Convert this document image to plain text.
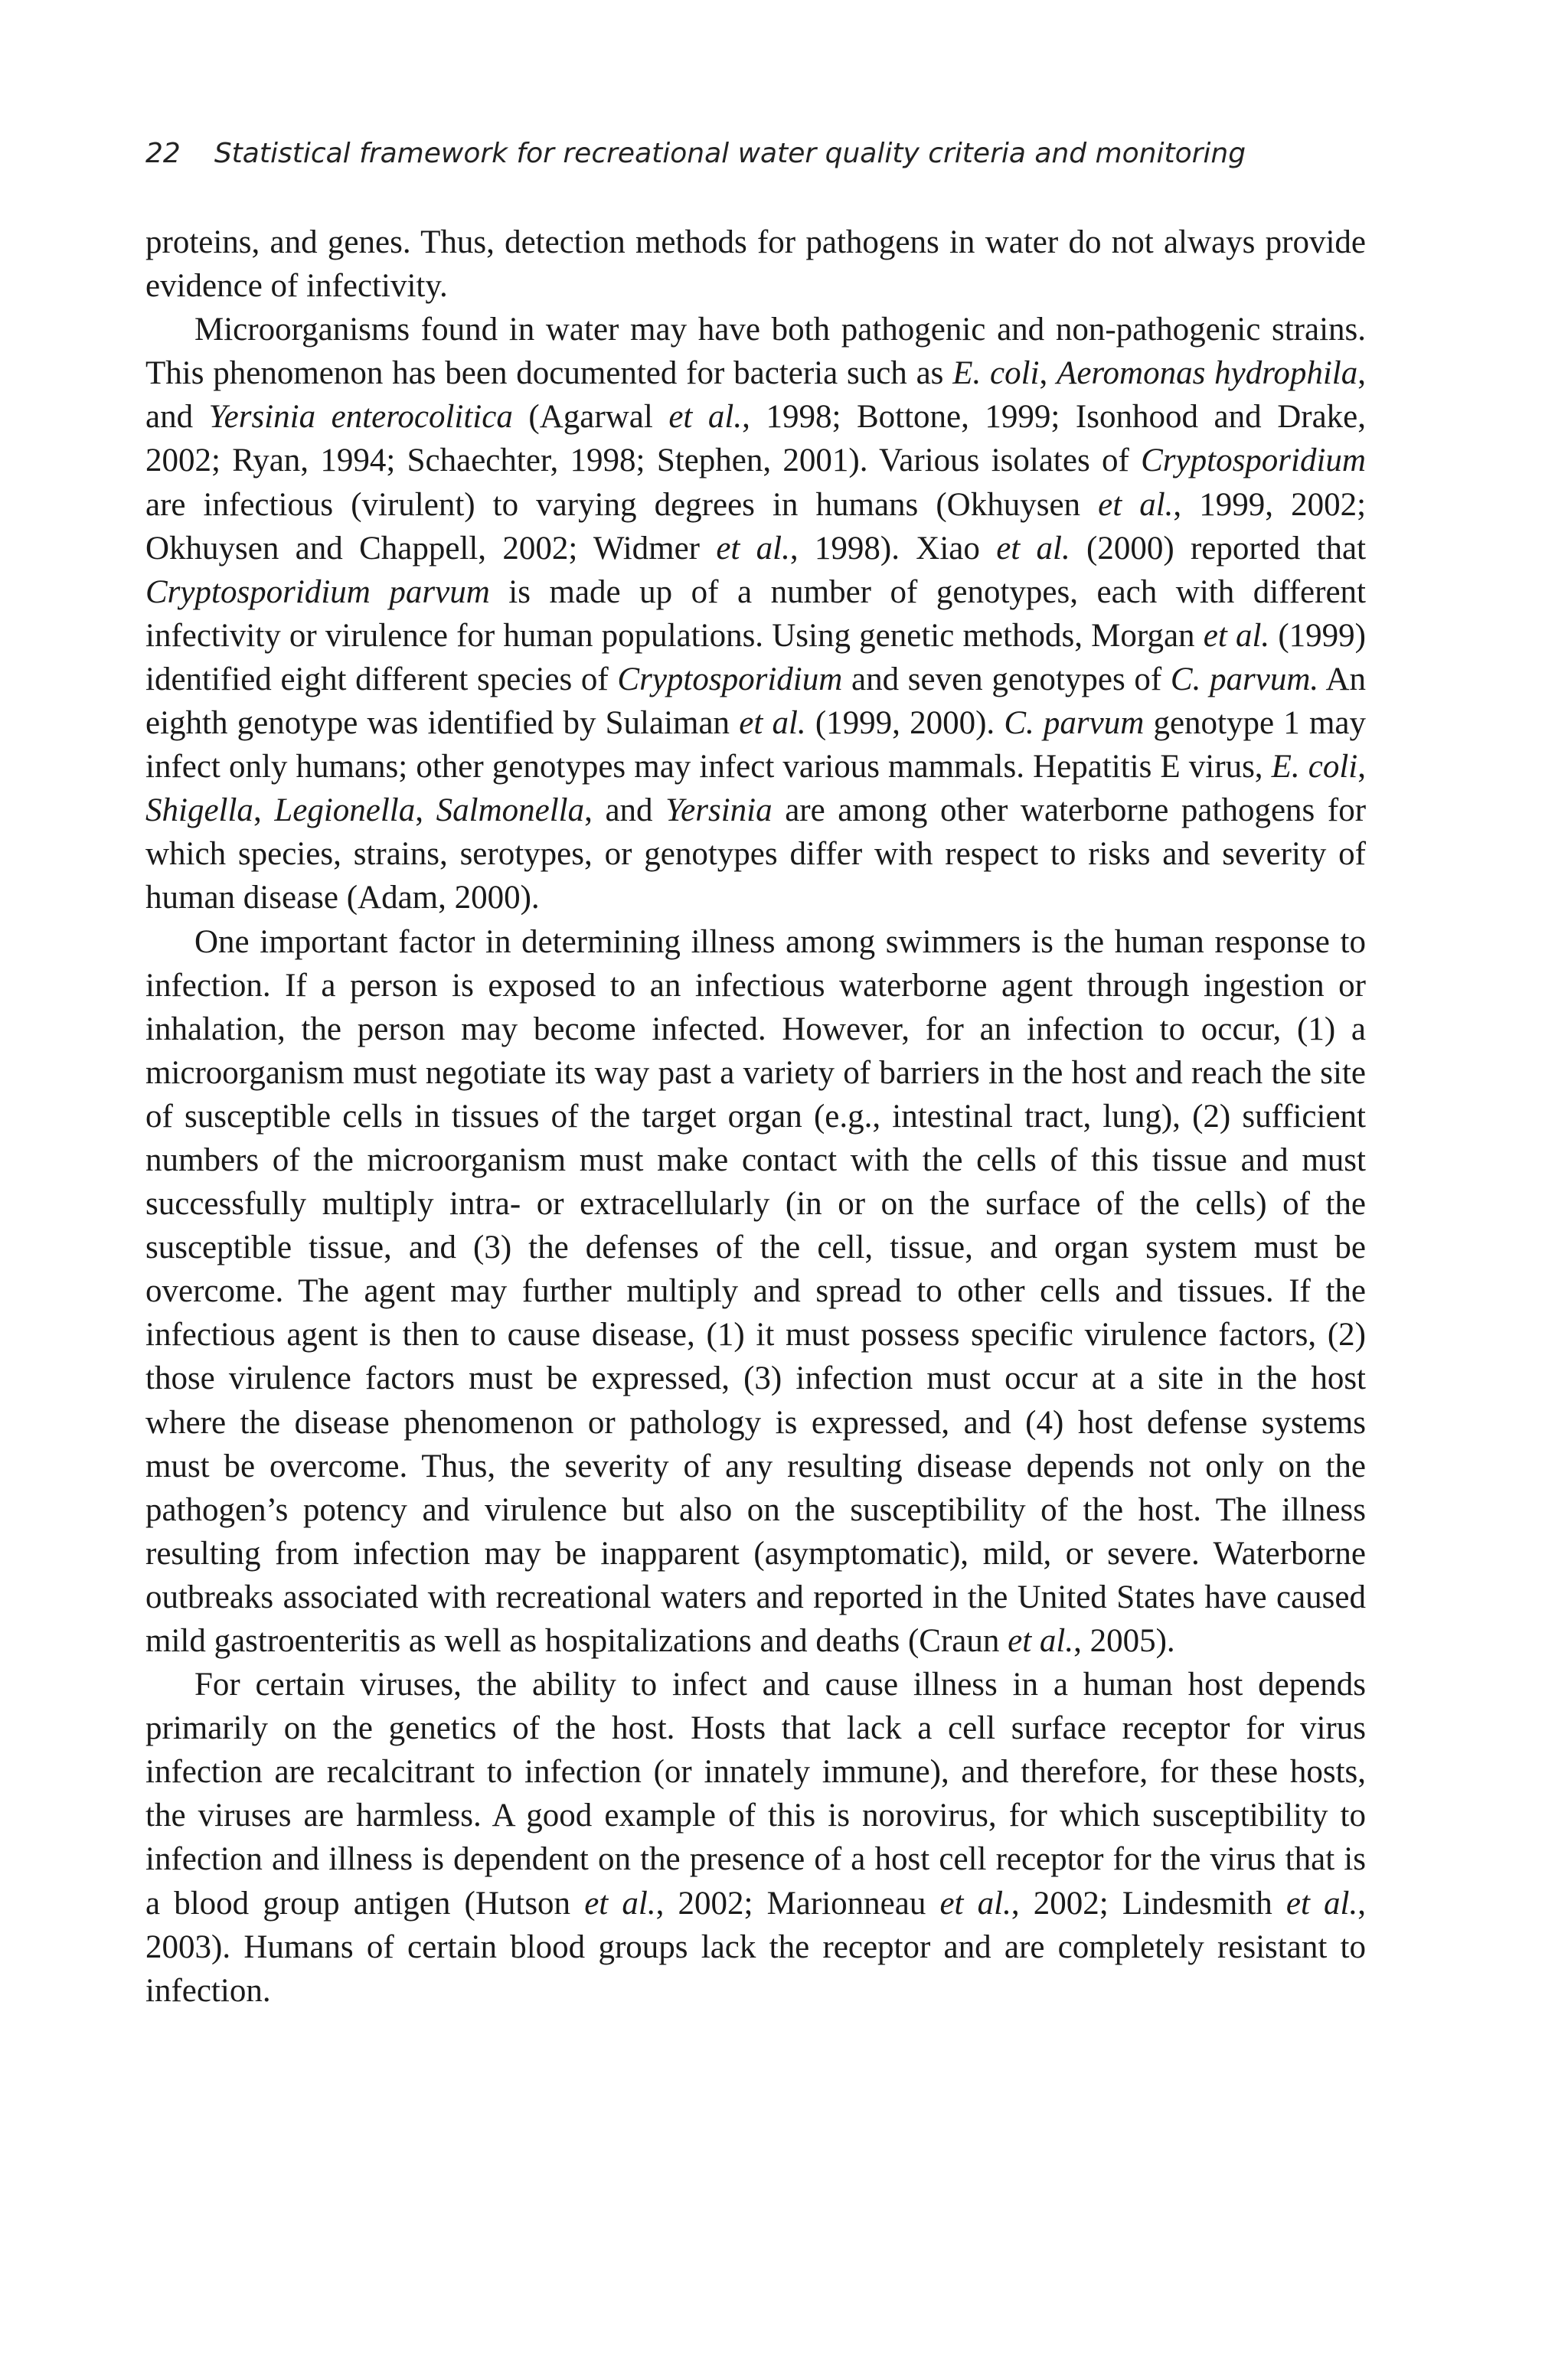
22 Statistical framework for recreational water quality criteria and monitoring

proteins, and genes. Thus, detection methods for pathogens in water do not always provide evidence of infectivity.

Microorganisms found in water may have both pathogenic and non-pathogenic strains. This phenomenon has been documented for bacteria such as E. coli, Aeromonas hydrophila, and Yersinia enterocolitica (Agarwal et al., 1998; Bottone, 1999; Isonhood and Drake, 2002; Ryan, 1994; Schaechter, 1998; Stephen, 2001). Various isolates of Cryptosporidium are infectious (virulent) to varying degrees in humans (Okhuysen et al., 1999, 2002; Okhuysen and Chappell, 2002; Widmer et al., 1998). Xiao et al. (2000) reported that Cryptosporidium parvum is made up of a number of genotypes, each with different infectivity or virulence for human populations. Using genetic methods, Morgan et al. (1999) identified eight different species of Cryptosporidium and seven genotypes of C. parvum. An eighth genotype was identified by Sulaiman et al. (1999, 2000). C. parvum genotype 1 may infect only humans; other genotypes may infect various mammals. Hepatitis E virus, E. coli, Shigella, Legionella, Salmonella, and Yersinia are among other waterborne pathogens for which species, strains, serotypes, or genotypes differ with respect to risks and severity of human disease (Adam, 2000).

One important factor in determining illness among swimmers is the human response to infection. If a person is exposed to an infectious waterborne agent through ingestion or inhalation, the person may become infected. However, for an infection to occur, (1) a microorganism must negotiate its way past a variety of barriers in the host and reach the site of susceptible cells in tissues of the target organ (e.g., intestinal tract, lung), (2) sufficient numbers of the microorganism must make contact with the cells of this tissue and must successfully multiply intra- or extracellularly (in or on the surface of the cells) of the susceptible tissue, and (3) the defenses of the cell, tissue, and organ system must be overcome. The agent may further multiply and spread to other cells and tissues. If the infectious agent is then to cause disease, (1) it must possess specific virulence factors, (2) those virulence factors must be expressed, (3) infection must occur at a site in the host where the disease phenomenon or pathology is expressed, and (4) host defense systems must be overcome. Thus, the severity of any resulting disease depends not only on the pathogen’s potency and virulence but also on the susceptibility of the host. The illness resulting from infection may be inapparent (asymptomatic), mild, or severe. Waterborne outbreaks associated with recreational waters and reported in the United States have caused mild gastroenteritis as well as hospitalizations and deaths (Craun et al., 2005).

For certain viruses, the ability to infect and cause illness in a human host depends primarily on the genetics of the host. Hosts that lack a cell surface receptor for virus infection are recalcitrant to infection (or innately immune), and therefore, for these hosts, the viruses are harmless. A good example of this is norovirus, for which susceptibility to infection and illness is dependent on the presence of a host cell receptor for the virus that is a blood group antigen (Hutson et al., 2002; Marionneau et al., 2002; Lindesmith et al., 2003). Humans of certain blood groups lack the receptor and are completely resistant to infection.
